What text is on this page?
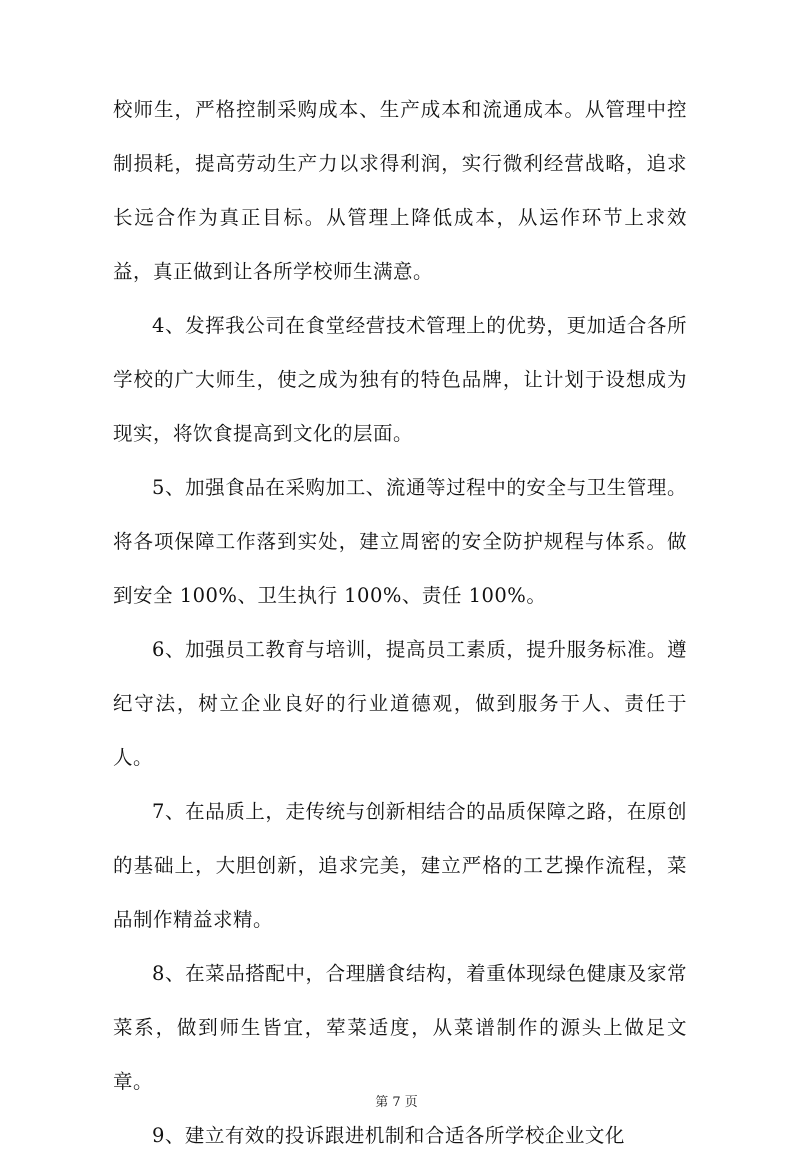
校师生，严格控制采购成本、生产成本和流通成本。从管理中控制损耗，提高劳动生产力以求得利润，实行微利经营战略，追求长远合作为真正目标。从管理上降低成本，从运作环节上求效益，真正做到让各所学校师生满意。

4、发挥我公司在食堂经营技术管理上的优势，更加适合各所学校的广大师生，使之成为独有的特色品牌，让计划于设想成为现实，将饮食提高到文化的层面。

5、加强食品在采购加工、流通等过程中的安全与卫生管理。将各项保障工作落到实处，建立周密的安全防护规程与体系。做到安全 100%、卫生执行 100%、责任 100%。

6、加强员工教育与培训，提高员工素质，提升服务标准。遵纪守法，树立企业良好的行业道德观，做到服务于人、责任于人。

7、在品质上，走传统与创新相结合的品质保障之路，在原创的基础上，大胆创新，追求完美，建立严格的工艺操作流程，菜品制作精益求精。

8、在菜品搭配中，合理膳食结构，着重体现绿色健康及家常菜系，做到师生皆宜，荤菜适度，从菜谱制作的源头上做足文章。

9、建立有效的投诉跟进机制和合适各所学校企业文化

第 7 页
